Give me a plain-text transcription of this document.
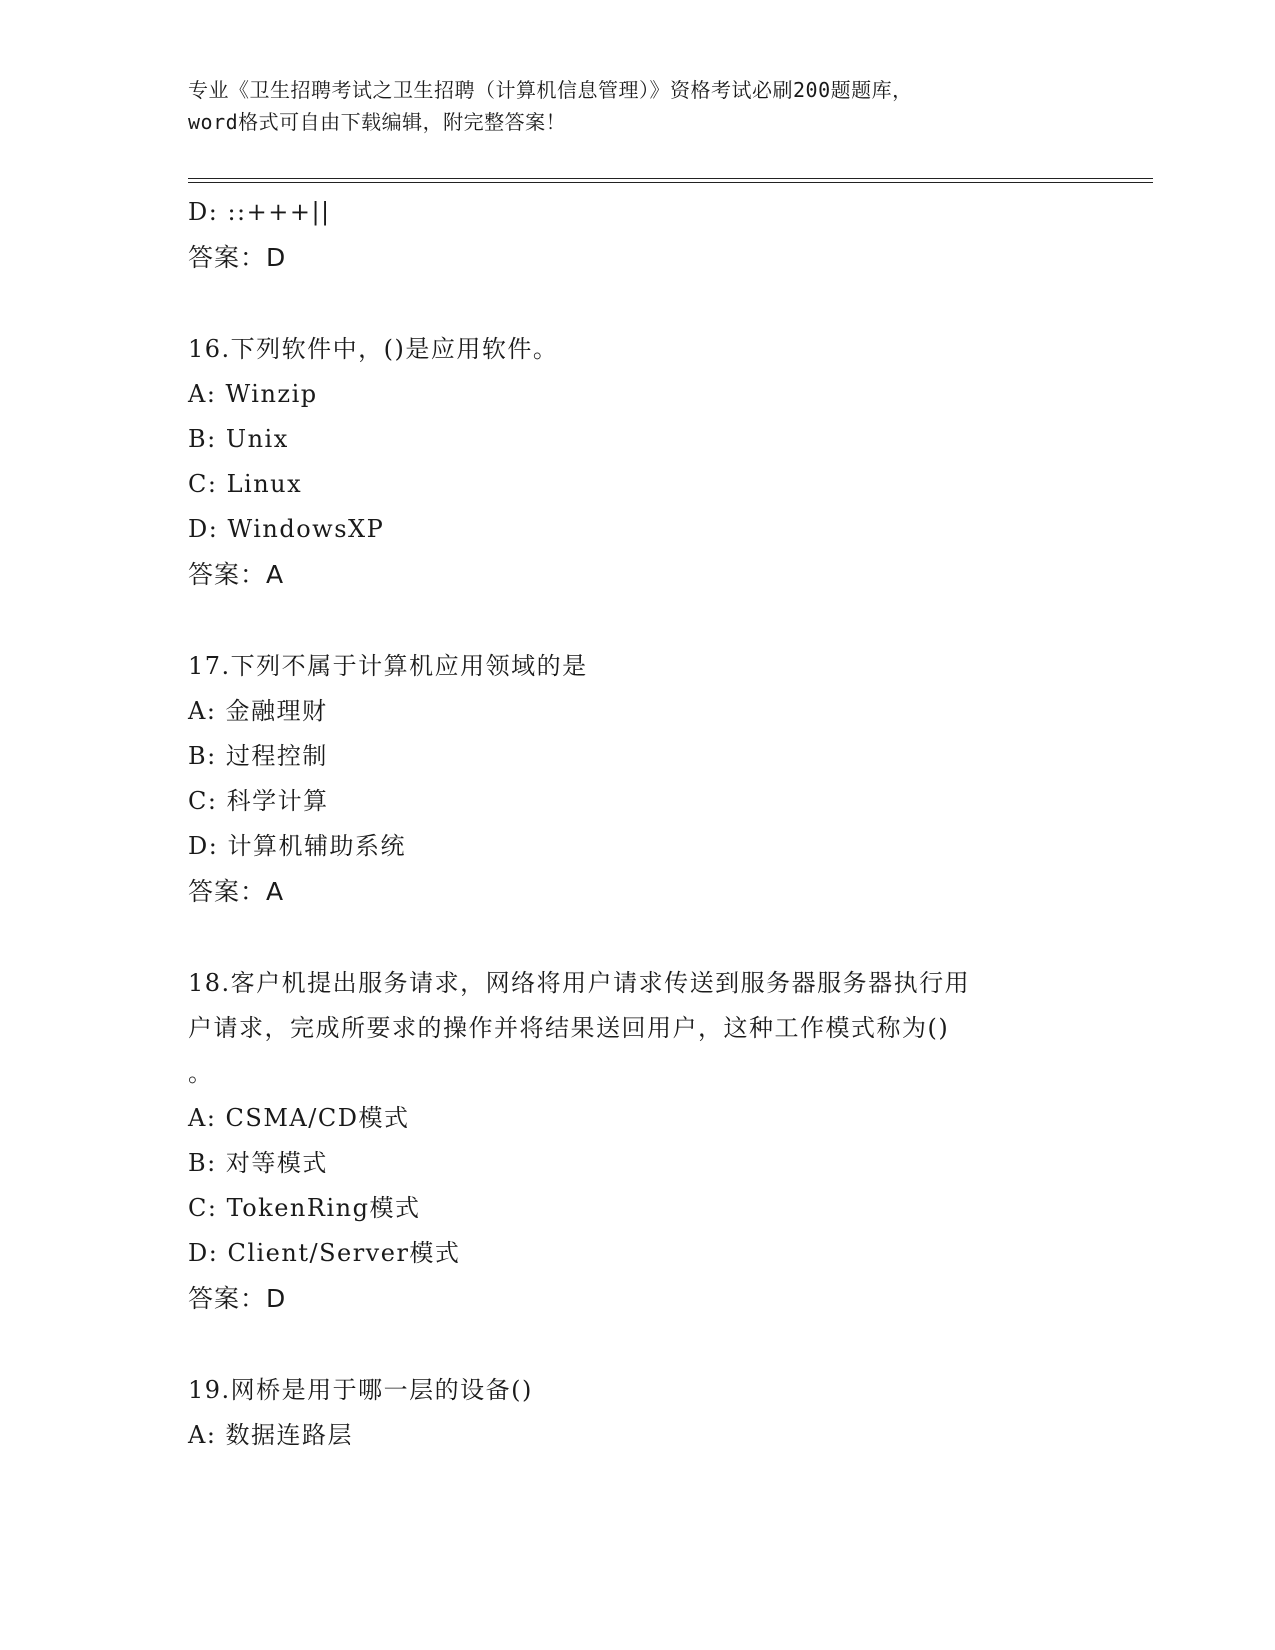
专业《卫生招聘考试之卫生招聘（计算机信息管理）》资格考试必刷200题题库，
word格式可自由下载编辑，附完整答案！
D: ::+++||
答案：D
16.下列软件中，()是应用软件。
A: Winzip
B: Unix
C: Linux
D: WindowsXP
答案：A
17.下列不属于计算机应用领域的是
A: 金融理财
B: 过程控制
C: 科学计算
D: 计算机辅助系统
答案：A
18.客户机提出服务请求，网络将用户请求传送到服务器服务器执行用
户请求，完成所要求的操作并将结果送回用户，这种工作模式称为()
。
A: CSMA/CD模式
B: 对等模式
C: TokenRing模式
D: Client/Server模式
答案：D
19.网桥是用于哪一层的设备()
A: 数据连路层
